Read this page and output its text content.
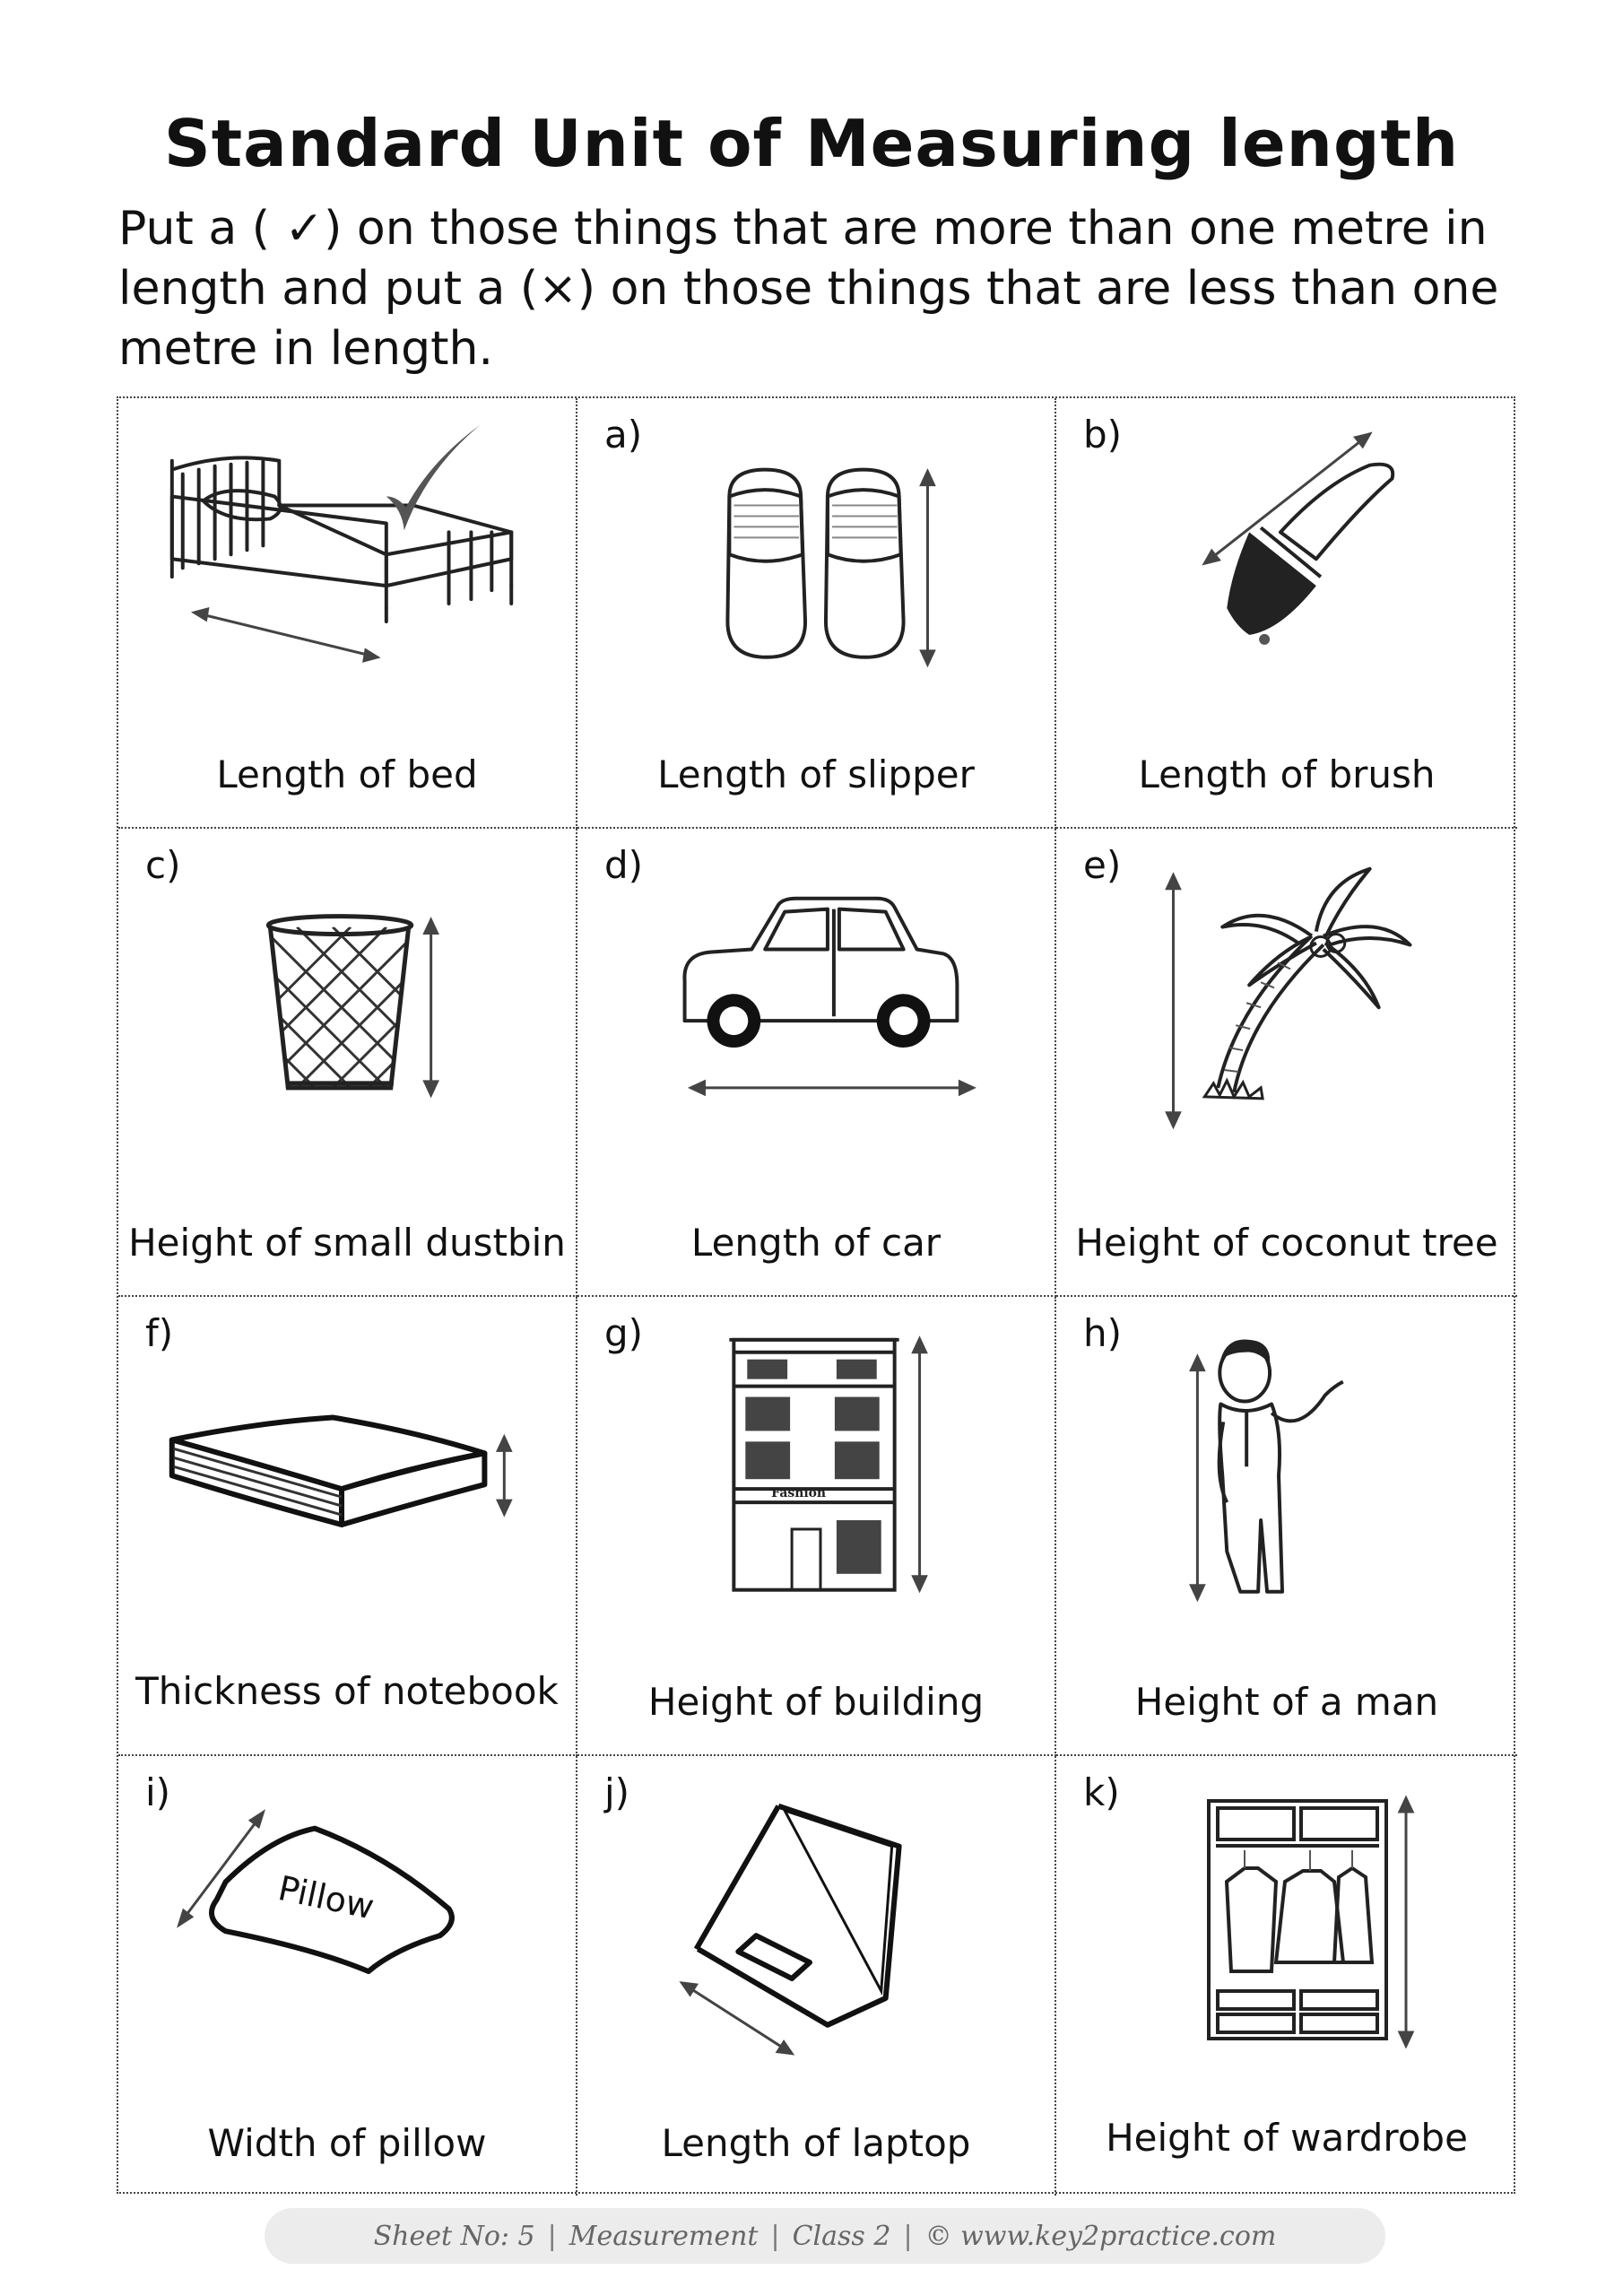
Standard Unit of Measuring length
Put a ( ✓) on those things that are more than one metre in length and put a (×) on those things that are less than one metre in length.
Length of bed
a)
Length of slipper
b)
Length of brush
c)
Height of small dustbin
d)
Length of car
e)
Height of coconut tree
f)
Thickness of notebook
g)
Fashion
Height of building
h)
Height of a man
i)
Pillow
Width of pillow
j)
Length of laptop
k)
Height of wardrobe
Sheet No: 5 | Measurement | Class 2 | © www.key2practice.com
